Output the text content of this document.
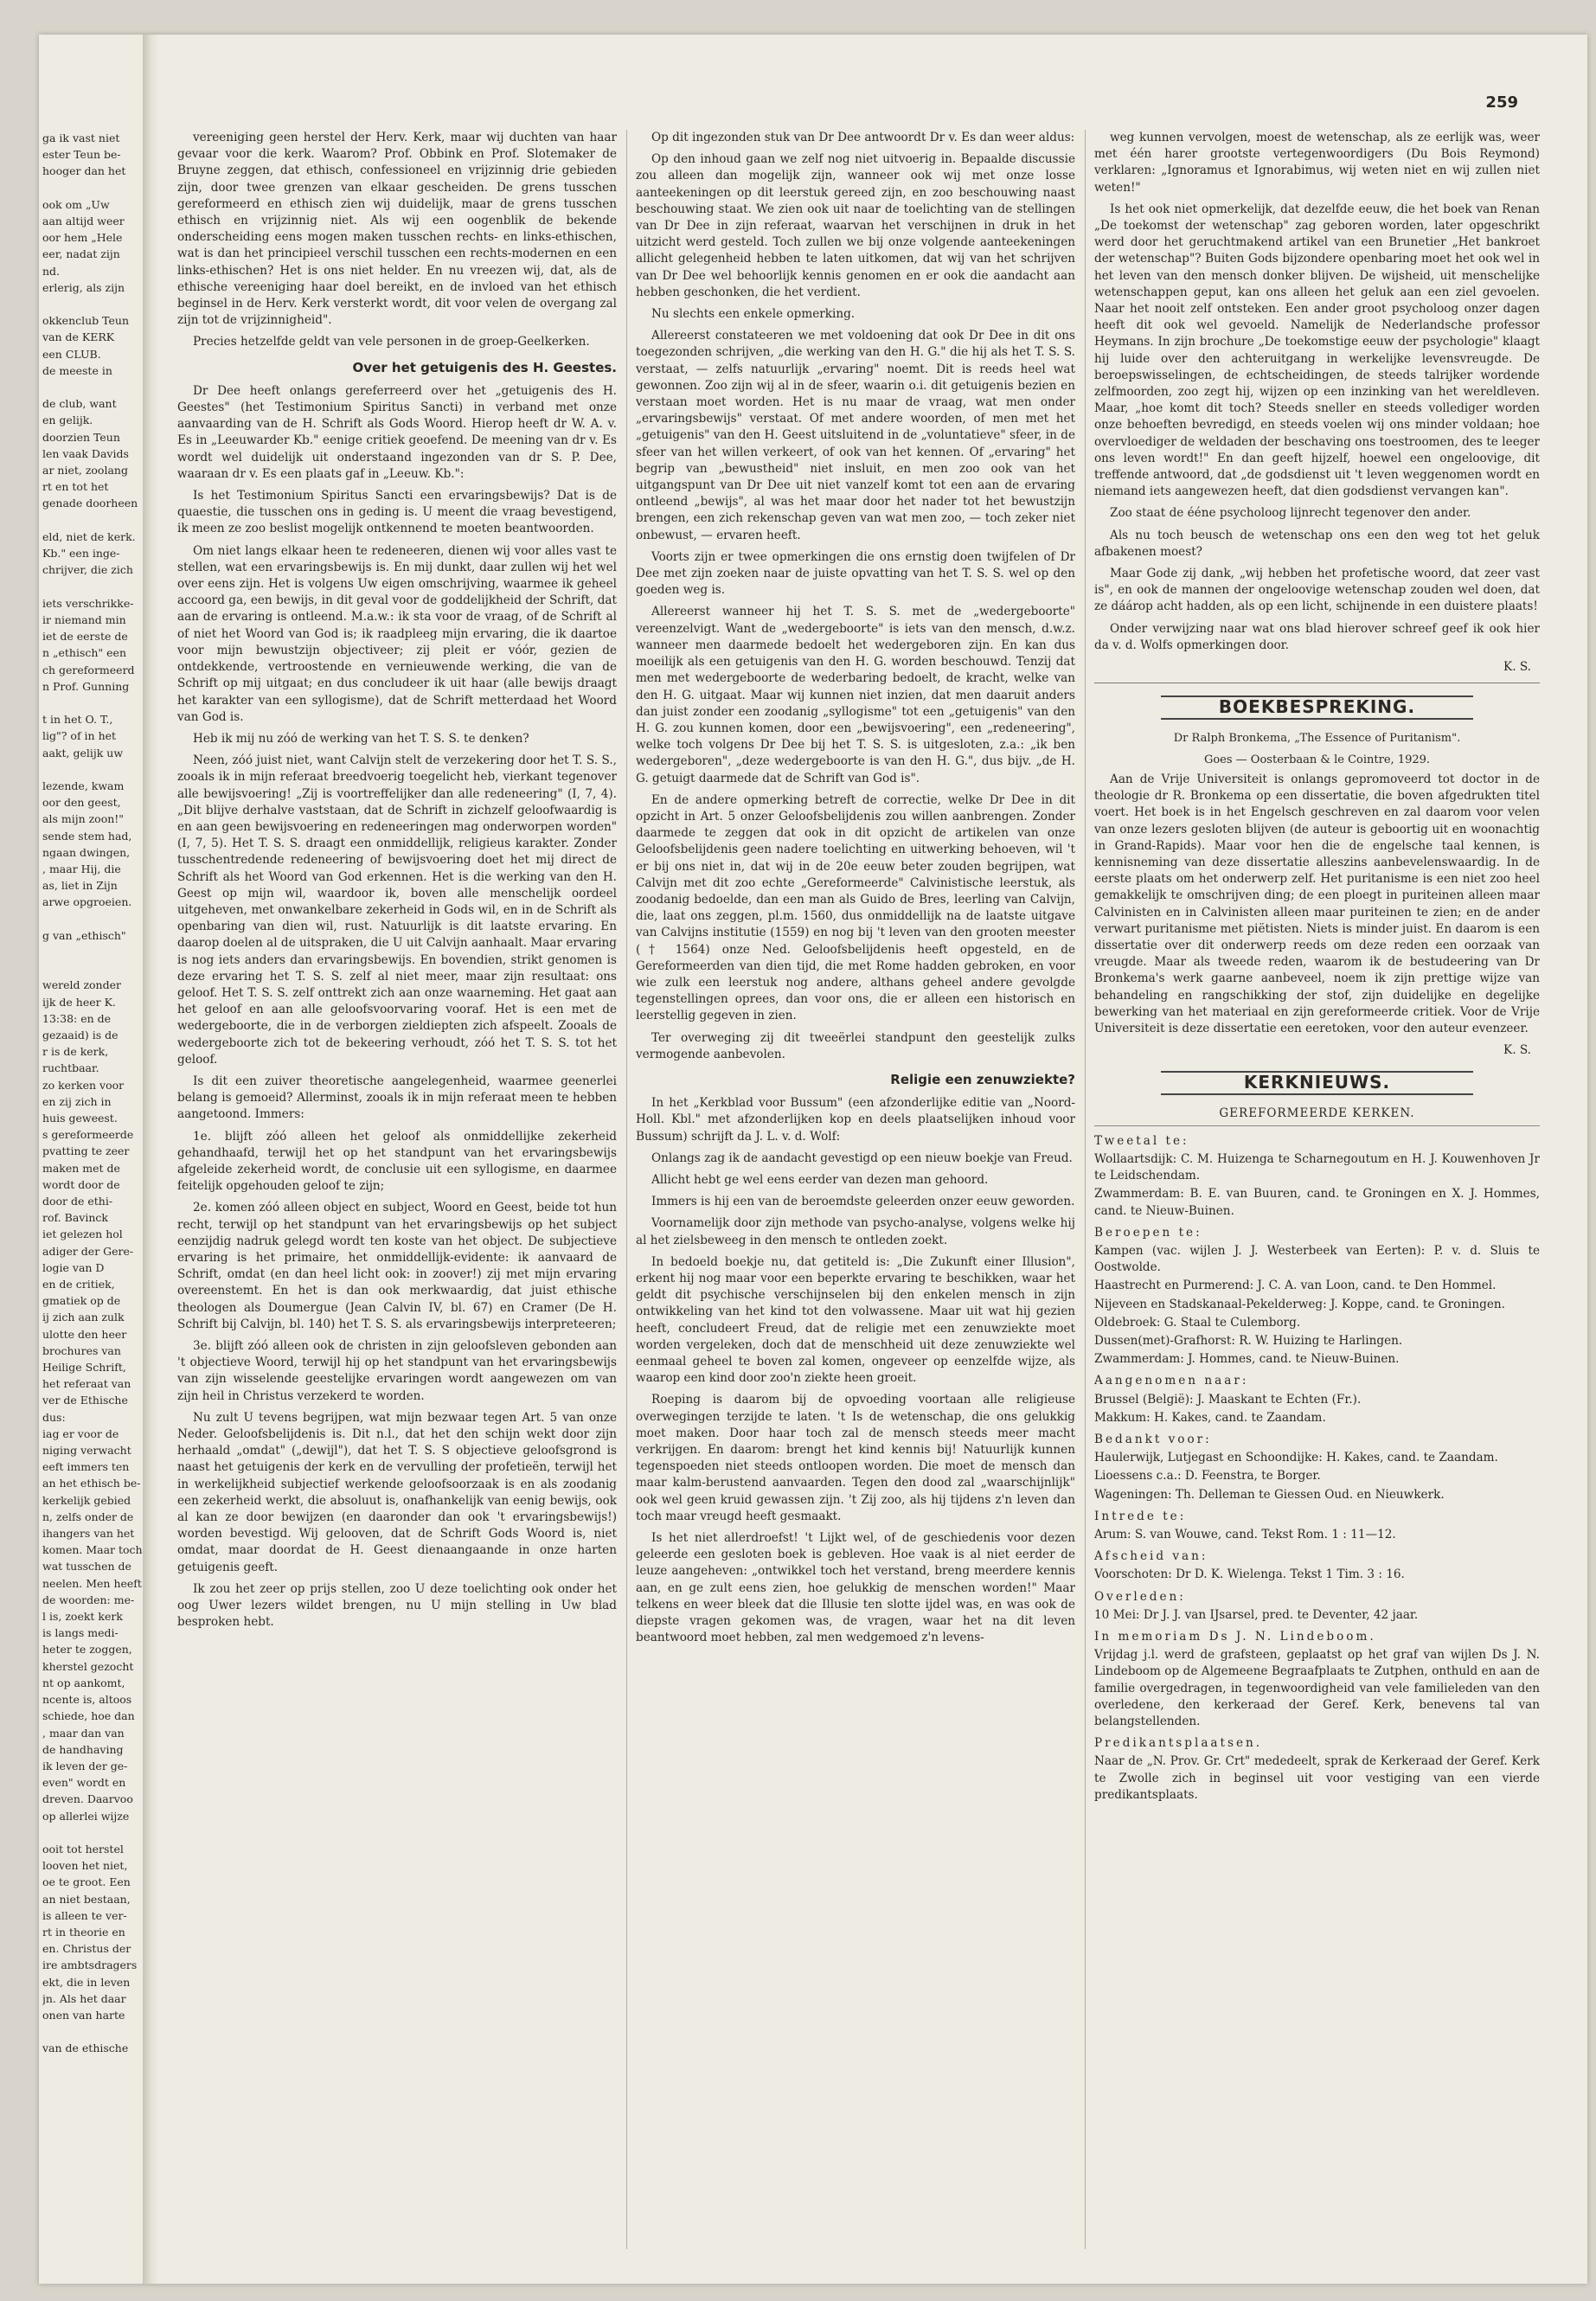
259
ga ik vast niet
ester Teun be-
hooger dan het

ook om „Uw
aan altijd weer
oor hem „Hele
eer, nadat zijn
nd.
erlerig, als zijn

okkenclub Teun
van de KERK
een CLUB.
de meeste in

de club, want
en gelijk.
doorzien Teun
len vaak Davids
ar niet, zoolang
rt en tot het
genade doorheen

eld, niet de kerk.
Kb." een inge-
chrijver, die zich

iets verschrikke-
ir niemand min
iet de eerste de
n „ethisch" een
ch gereformeerd
n Prof. Gunning

t in het O. T.,
lig"? of in het
aakt, gelijk uw

lezende, kwam
oor den geest,
als mijn zoon!"
sende stem had,
ngaan dwingen,
, maar Hij, die
as, liet in Zijn
arwe opgroeien.

g van „ethisch"

wereld zonder
ijk de heer K.
13:38: en de
gezaaid) is de
r is de kerk,
ruchtbaar.
zo kerken voor
en zij zich in
huis geweest.
s gereformeerde
pvatting te zeer
maken met de
wordt door de
door de ethi-
rof. Bavinck
iet gelezen hol
adiger der Gere-
logie van D
en de critiek,
gmatiek op de
ij zich aan zulk
ulotte den heer
brochures van
Heilige Schrift,
het referaat van
ver de Ethische
dus:
iag er voor de
niging verwacht
eeft immers ten
an het ethisch be-
kerkelijk gebied
n, zelfs onder de
ihangers van het
komen. Maar toch
wat tusschen de
neelen. Men heeft
de woorden: me-
l is, zoekt kerk
is langs medi-
heter te zoggen,
kherstel gezocht
nt op aankomt,
ncente is, altoos
schiede, hoe dan
, maar dan van
de handhaving
ik leven der ge-
even" wordt en
dreven. Daarvoo
op allerlei wijze

ooit tot herstel
looven het niet,
oe te groot. Een
an niet bestaan,
is alleen te ver-
rt in theorie en
en. Christus der
ire ambtsdragers
ekt, die in leven
jn. Als het daar
onen van harte

van de ethische

vereeniging geen herstel der Herv. Kerk, maar wij duchten van haar gevaar voor die kerk. Waarom? Prof. Obbink en Prof. Slotemaker de Bruyne zeggen, dat ethisch, confessioneel en vrijzinnig drie gebieden zijn, door twee grenzen van elkaar gescheiden. De grens tusschen gereformeerd en ethisch zien wij duidelijk, maar de grens tusschen ethisch en vrijzinnig niet. Als wij een oogenblik de bekende onderscheiding eens mogen maken tusschen rechts- en links-ethischen, wat is dan het principieel verschil tusschen een rechts-modernen en een links-ethischen? Het is ons niet helder. En nu vreezen wij, dat, als de ethische vereeniging haar doel bereikt, en de invloed van het ethisch beginsel in de Herv. Kerk versterkt wordt, dit voor velen de overgang zal zijn tot de vrijzinnigheid".

Precies hetzelfde geldt van vele personen in de groep-Geelkerken.

Over het getuigenis des H. Geestes.

Dr Dee heeft onlangs gereferreerd over het „getuigenis des H. Geestes" (het Testimonium Spiritus Sancti) in verband met onze aanvaarding van de H. Schrift als Gods Woord. Hierop heeft dr W. A. v. Es in „Leeuwarder Kb." eenige critiek geoefend. De meening van dr v. Es wordt wel duidelijk uit onderstaand ingezonden van dr S. P. Dee, waaraan dr v. Es een plaats gaf in „Leeuw. Kb.":

Is het Testimonium Spiritus Sancti een ervaringsbewijs? Dat is de quaestie, die tusschen ons in geding is. U meent die vraag bevestigend, ik meen ze zoo beslist mogelijk ontkennend te moeten beantwoorden.

Om niet langs elkaar heen te redeneeren, dienen wij voor alles vast te stellen, wat een ervaringsbewijs is. En mij dunkt, daar zullen wij het wel over eens zijn. Het is volgens Uw eigen omschrijving, waarmee ik geheel accoord ga, een bewijs, in dit geval voor de goddelijkheid der Schrift, dat aan de ervaring is ontleend. M.a.w.: ik sta voor de vraag, of de Schrift al of niet het Woord van God is; ik raadpleeg mijn ervaring, die ik daartoe voor mijn bewustzijn objectiveer; zij pleit er vóór, gezien de ontdekkende, vertroostende en vernieuwende werking, die van de Schrift op mij uitgaat; en dus concludeer ik uit haar (alle bewijs draagt het karakter van een syllogisme), dat de Schrift metterdaad het Woord van God is.

Heb ik mij nu zóó de werking van het T. S. S. te denken?

Neen, zóó juist niet, want Calvijn stelt de verzekering door het T. S. S., zooals ik in mijn referaat breedvoerig toegelicht heb, vierkant tegenover alle bewijsvoering! „Zij is voortreffelijker dan alle redeneering" (I, 7, 4). „Dit blijve derhalve vaststaan, dat de Schrift in zichzelf geloofwaardig is en aan geen bewijsvoering en redeneeringen mag onderworpen worden" (I, 7, 5). Het T. S. S. draagt een onmiddellijk, religieus karakter. Zonder tusschentredende redeneering of bewijsvoering doet het mij direct de Schrift als het Woord van God erkennen. Het is die werking van den H. Geest op mijn wil, waardoor ik, boven alle menschelijk oordeel uitgeheven, met onwankelbare zekerheid in Gods wil, en in de Schrift als openbaring van dien wil, rust. Natuurlijk is dit laatste ervaring. En daarop doelen al de uitspraken, die U uit Calvijn aanhaalt. Maar ervaring is nog iets anders dan ervaringsbewijs. En bovendien, strikt genomen is deze ervaring het T. S. S. zelf al niet meer, maar zijn resultaat: ons geloof. Het T. S. S. zelf onttrekt zich aan onze waarneming. Het gaat aan het geloof en aan alle geloofsvoorvaring vooraf. Het is een met de wedergeboorte, die in de verborgen zieldiepten zich afspeelt. Zooals de wedergeboorte zich tot de bekeering verhoudt, zóó het T. S. S. tot het geloof.

Is dit een zuiver theoretische aangelegenheid, waarmee geenerlei belang is gemoeid? Allerminst, zooals ik in mijn referaat meen te hebben aangetoond. Immers:

1e. blijft zóó alleen het geloof als onmiddellijke zekerheid gehandhaafd, terwijl het op het standpunt van het ervaringsbewijs afgeleide zekerheid wordt, de conclusie uit een syllogisme, en daarmee feitelijk opgehouden geloof te zijn;

2e. komen zóó alleen object en subject, Woord en Geest, beide tot hun recht, terwijl op het standpunt van het ervaringsbewijs op het subject eenzijdig nadruk gelegd wordt ten koste van het object. De subjectieve ervaring is het primaire, het onmiddellijk-evidente: ik aanvaard de Schrift, omdat (en dan heel licht ook: in zoover!) zij met mijn ervaring overeenstemt. En het is dan ook merkwaardig, dat juist ethische theologen als Doumergue (Jean Calvin IV, bl. 67) en Cramer (De H. Schrift bij Calvijn, bl. 140) het T. S. S. als ervaringsbewijs interpreteeren;

3e. blijft zóó alleen ook de christen in zijn geloofsleven gebonden aan 't objectieve Woord, terwijl hij op het standpunt van het ervaringsbewijs van zijn wisselende geestelijke ervaringen wordt aangewezen om van zijn heil in Christus verzekerd te worden.

Nu zult U tevens begrijpen, wat mijn bezwaar tegen Art. 5 van onze Neder. Geloofsbelijdenis is. Dit n.l., dat het den schijn wekt door zijn herhaald „omdat" („dewijl"), dat het T. S. S objectieve geloofsgrond is naast het getuigenis der kerk en de vervulling der profetieën, terwijl het in werkelijkheid subjectief werkende geloofsoorzaak is en als zoodanig een zekerheid werkt, die absoluut is, onafhankelijk van eenig bewijs, ook al kan ze door bewijzen (en daaronder dan ook 't ervaringsbewijs!) worden bevestigd. Wij gelooven, dat de Schrift Gods Woord is, niet omdat, maar doordat de H. Geest dienaangaande in onze harten getuigenis geeft.

Ik zou het zeer op prijs stellen, zoo U deze toelichting ook onder het oog Uwer lezers wildet brengen, nu U mijn stelling in Uw blad besproken hebt.

Op dit ingezonden stuk van Dr Dee antwoordt Dr v. Es dan weer aldus:

Op den inhoud gaan we zelf nog niet uitvoerig in. Bepaalde discussie zou alleen dan mogelijk zijn, wanneer ook wij met onze losse aanteekeningen op dit leerstuk gereed zijn, en zoo beschouwing naast beschouwing staat. We zien ook uit naar de toelichting van de stellingen van Dr Dee in zijn referaat, waarvan het verschijnen in druk in het uitzicht werd gesteld. Toch zullen we bij onze volgende aanteekeningen allicht gelegenheid hebben te laten uitkomen, dat wij van het schrijven van Dr Dee wel behoorlijk kennis genomen en er ook die aandacht aan hebben geschonken, die het verdient.

Nu slechts een enkele opmerking.

Allereerst constateeren we met voldoening dat ook Dr Dee in dit ons toegezonden schrijven, „die werking van den H. G." die hij als het T. S. S. verstaat, — zelfs natuurlijk „ervaring" noemt. Dit is reeds heel wat gewonnen. Zoo zijn wij al in de sfeer, waarin o.i. dit getuigenis bezien en verstaan moet worden. Het is nu maar de vraag, wat men onder „ervaringsbewijs" verstaat. Of met andere woorden, of men met het „getuigenis" van den H. Geest uitsluitend in de „voluntatieve" sfeer, in de sfeer van het willen verkeert, of ook van het kennen. Of „ervaring" het begrip van „bewustheid" niet insluit, en men zoo ook van het uitgangspunt van Dr Dee uit niet vanzelf komt tot een aan de ervaring ontleend „bewijs", al was het maar door het nader tot het bewustzijn brengen, een zich rekenschap geven van wat men zoo, — toch zeker niet onbewust, — ervaren heeft.

Voorts zijn er twee opmerkingen die ons ernstig doen twijfelen of Dr Dee met zijn zoeken naar de juiste opvatting van het T. S. S. wel op den goeden weg is.

Allereerst wanneer hij het T. S. S. met de „wedergeboorte" vereenzelvigt. Want de „wedergeboorte" is iets van den mensch, d.w.z. wanneer men daarmede bedoelt het wedergeboren zijn. En kan dus moeilijk als een getuigenis van den H. G. worden beschouwd. Tenzij dat men met wedergeboorte de wederbaring bedoelt, de kracht, welke van den H. G. uitgaat. Maar wij kunnen niet inzien, dat men daaruit anders dan juist zonder een zoodanig „syllogisme" tot een „getuigenis" van den H. G. zou kunnen komen, door een „bewijsvoering", een „redeneering", welke toch volgens Dr Dee bij het T. S. S. is uitgesloten, z.a.: „ik ben wedergeboren", „deze wedergeboorte is van den H. G.", dus bijv. „de H. G. getuigt daarmede dat de Schrift van God is".

En de andere opmerking betreft de correctie, welke Dr Dee in dit opzicht in Art. 5 onzer Geloofsbelijdenis zou willen aanbrengen. Zonder daarmede te zeggen dat ook in dit opzicht de artikelen van onze Geloofsbelijdenis geen nadere toelichting en uitwerking behoeven, wil 't er bij ons niet in, dat wij in de 20e eeuw beter zouden begrijpen, wat Calvijn met dit zoo echte „Gereformeerde" Calvinistische leerstuk, als zoodanig bedoelde, dan een man als Guido de Bres, leerling van Calvijn, die, laat ons zeggen, pl.m. 1560, dus onmiddellijk na de laatste uitgave van Calvijns institutie (1559) en nog bij 't leven van den grooten meester († 1564) onze Ned. Geloofsbelijdenis heeft opgesteld, en de Gereformeerden van dien tijd, die met Rome hadden gebroken, en voor wie zulk een leerstuk nog andere, althans geheel andere gevolgde tegenstellingen oprees, dan voor ons, die er alleen een historisch en leerstellig gegeven in zien.

Ter overweging zij dit tweeërlei standpunt den geestelijk zulks vermogende aanbevolen.

Religie een zenuwziekte?

In het „Kerkblad voor Bussum" (een afzonderlijke editie van „Noord-Holl. Kbl." met afzonderlijken kop en deels plaatselijken inhoud voor Bussum) schrijft da J. L. v. d. Wolf:

Onlangs zag ik de aandacht gevestigd op een nieuw boekje van Freud.

Allicht hebt ge wel eens eerder van dezen man gehoord.

Immers is hij een van de beroemdste geleerden onzer eeuw geworden.

Voornamelijk door zijn methode van psycho-analyse, volgens welke hij al het zielsbeweeg in den mensch te ontleden zoekt.

In bedoeld boekje nu, dat getiteld is: „Die Zukunft einer Illusion", erkent hij nog maar voor een beperkte ervaring te beschikken, waar het geldt dit psychische verschijnselen bij den enkelen mensch in zijn ontwikkeling van het kind tot den volwassene. Maar uit wat hij gezien heeft, concludeert Freud, dat de religie met een zenuwziekte moet worden vergeleken, doch dat de menschheid uit deze zenuwziekte wel eenmaal geheel te boven zal komen, ongeveer op eenzelfde wijze, als waarop een kind door zoo'n ziekte heen groeit.

Roeping is daarom bij de opvoeding voortaan alle religieuse overwegingen terzijde te laten. 't Is de wetenschap, die ons gelukkig moet maken. Door haar toch zal de mensch steeds meer macht verkrijgen. En daarom: brengt het kind kennis bij! Natuurlijk kunnen tegenspoeden niet steeds ontloopen worden. Die moet de mensch dan maar kalm-berustend aanvaarden. Tegen den dood zal „waarschijnlijk" ook wel geen kruid gewassen zijn. 't Zij zoo, als hij tijdens z'n leven dan toch maar vreugd heeft gesmaakt.

Is het niet allerdroefst! 't Lijkt wel, of de geschiedenis voor dezen geleerde een gesloten boek is gebleven. Hoe vaak is al niet eerder de leuze aangeheven: „ontwikkel toch het verstand, breng meerdere kennis aan, en ge zult eens zien, hoe gelukkig de menschen worden!" Maar telkens en weer bleek dat die Illusie ten slotte ijdel was, en was ook de diepste vragen gekomen was, de vragen, waar het na dit leven beantwoord moet hebben, zal men wedgemoed z'n levens-

weg kunnen vervolgen, moest de wetenschap, als ze eerlijk was, weer met één harer grootste vertegenwoordigers (Du Bois Reymond) verklaren: „Ignoramus et Ignorabimus, wij weten niet en wij zullen niet weten!"

Is het ook niet opmerkelijk, dat dezelfde eeuw, die het boek van Renan „De toekomst der wetenschap" zag geboren worden, later opgeschrikt werd door het geruchtmakend artikel van een Brunetier „Het bankroet der wetenschap"? Buiten Gods bijzondere openbaring moet het ook wel in het leven van den mensch donker blijven. De wijsheid, uit menschelijke wetenschappen geput, kan ons alleen het geluk aan een ziel gevoelen. Naar het nooit zelf ontsteken. Een ander groot psycholoog onzer dagen heeft dit ook wel gevoeld. Namelijk de Nederlandsche professor Heymans. In zijn brochure „De toekomstige eeuw der psychologie" klaagt hij luide over den achteruitgang in werkelijke levensvreugde. De beroepswisselingen, de echtscheidingen, de steeds talrijker wordende zelfmoorden, zoo zegt hij, wijzen op een inzinking van het wereldleven. Maar, „hoe komt dit toch? Steeds sneller en steeds vollediger worden onze behoeften bevredigd, en steeds voelen wij ons minder voldaan; hoe overvloediger de weldaden der beschaving ons toestroomen, des te leeger ons leven wordt!" En dan geeft hijzelf, hoewel een ongeloovige, dit treffende antwoord, dat „de godsdienst uit 't leven weggenomen wordt en niemand iets aangewezen heeft, dat dien godsdienst vervangen kan".

Zoo staat de ééne psycholoog lijnrecht tegenover den ander.

Als nu toch beusch de wetenschap ons een den weg tot het geluk afbakenen moest?

Maar Gode zij dank, „wij hebben het profetische woord, dat zeer vast is", en ook de mannen der ongeloovige wetenschap zouden wel doen, dat ze dáárop acht hadden, als op een licht, schijnende in een duistere plaats!

Onder verwijzing naar wat ons blad hierover schreef geef ik ook hier da v. d. Wolfs opmerkingen door.

K. S.
BOEKBESPREKING.
Dr Ralph Bronkema, „The Essence of Puritanism".
Goes — Oosterbaan & le Cointre, 1929.

Aan de Vrije Universiteit is onlangs gepromoveerd tot doctor in de theologie dr R. Bronkema op een dissertatie, die boven afgedrukten titel voert. Het boek is in het Engelsch geschreven en zal daarom voor velen van onze lezers gesloten blijven (de auteur is geboortig uit en woonachtig in Grand-Rapids). Maar voor hen die de engelsche taal kennen, is kennisneming van deze dissertatie alleszins aanbevelenswaardig. In de eerste plaats om het onderwerp zelf. Het puritanisme is een niet zoo heel gemakkelijk te omschrijven ding; de een ploegt in puriteinen alleen maar Calvinisten en in Calvinisten alleen maar puriteinen te zien; en de ander verwart puritanisme met piëtisten. Niets is minder juist. En daarom is een dissertatie over dit onderwerp reeds om deze reden een oorzaak van vreugde. Maar als tweede reden, waarom ik de bestudeering van Dr Bronkema's werk gaarne aanbeveel, noem ik zijn prettige wijze van behandeling en rangschikking der stof, zijn duidelijke en degelijke bewerking van het materiaal en zijn gereformeerde critiek. Voor de Vrije Universiteit is deze dissertatie een eeretoken, voor den auteur evenzeer.

K. S.
KERKNIEUWS.
GEREFORMEERDE KERKEN.
Tweetal te:
Wollaartsdijk: C. M. Huizenga te Scharnegoutum en H. J. Kouwenhoven Jr te Leidschendam.
Zwammerdam: B. E. van Buuren, cand. te Groningen en X. J. Hommes, cand. te Nieuw-Buinen.
Beroepen te:
Kampen (vac. wijlen J. J. Westerbeek van Eerten): P. v. d. Sluis te Oostwolde.
Haastrecht en Purmerend: J. C. A. van Loon, cand. te Den Hommel.
Nijeveen en Stadskanaal-Pekelderweg: J. Koppe, cand. te Groningen.
Oldebroek: G. Staal te Culemborg.
Dussen(met)-Grafhorst: R. W. Huizing te Harlingen.
Zwammerdam: J. Hommes, cand. te Nieuw-Buinen.
Aangenomen naar:
Brussel (België): J. Maaskant te Echten (Fr.).
Makkum: H. Kakes, cand. te Zaandam.
Bedankt voor:
Haulerwijk, Lutjegast en Schoondijke: H. Kakes, cand. te Zaandam.
Lioessens c.a.: D. Feenstra, te Borger.
Wageningen: Th. Delleman te Giessen Oud. en Nieuwkerk.
Intrede te:
Arum: S. van Wouwe, cand. Tekst Rom. 1 : 11—12.
Afscheid van:
Voorschoten: Dr D. K. Wielenga. Tekst 1 Tim. 3 : 16.
Overleden:
10 Mei: Dr J. J. van IJsarsel, pred. te Deventer, 42 jaar.
In memoriam Ds J. N. Lindeboom.
Vrijdag j.l. werd de grafsteen, geplaatst op het graf van wijlen Ds J. N. Lindeboom op de Algemeene Begraafplaats te Zutphen, onthuld en aan de familie overgedragen, in tegenwoordigheid van vele familieleden van den overledene, den kerkeraad der Geref. Kerk, benevens tal van belangstellenden.
Predikantsplaatsen.
Naar de „N. Prov. Gr. Crt" mededeelt, sprak de Kerkeraad der Geref. Kerk te Zwolle zich in beginsel uit voor vestiging van een vierde predikantsplaats.
